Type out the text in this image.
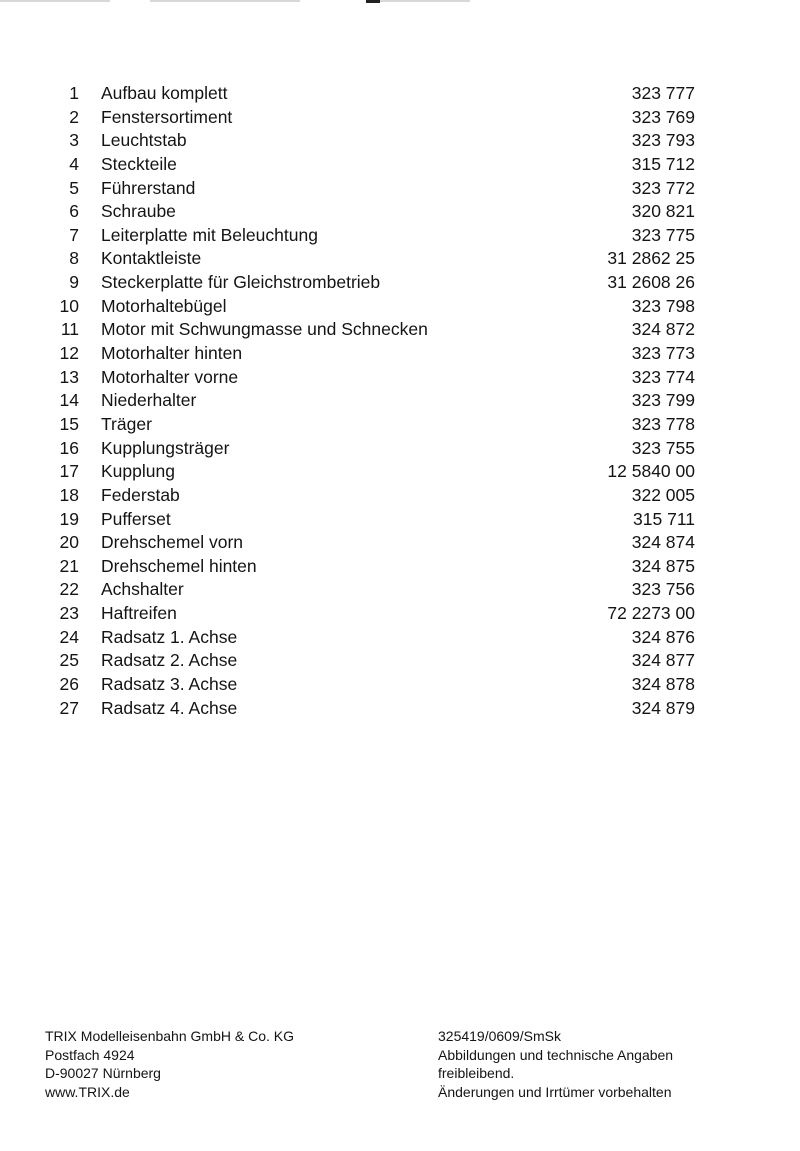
1 Aufbau komplett	323 777
2 Fenstersortiment	323 769
3 Leuchtstab	323 793
4 Steckteile	315 712
5 Führerstand	323 772
6 Schraube	320 821
7 Leiterplatte mit Beleuchtung	323 775
8 Kontaktleiste	31 2862 25
9 Steckerplatte für Gleichstrombetrieb	31 2608 26
10 Motorhaltebügel	323 798
11 Motor mit Schwungmasse und Schnecken	324 872
12 Motorhalter hinten	323 773
13 Motorhalter vorne	323 774
14 Niederhalter	323 799
15 Träger	323 778
16 Kupplungsträger	323 755
17 Kupplung	12 5840 00
18 Federstab	322 005
19 Pufferset	315 711
20 Drehschemel vorn	324 874
21 Drehschemel hinten	324 875
22 Achshalter	323 756
23 Haftreifen	72 2273 00
24 Radsatz 1. Achse	324 876
25 Radsatz 2. Achse	324 877
26 Radsatz 3. Achse	324 878
27 Radsatz 4. Achse	324 879
TRIX Modelleisenbahn GmbH & Co. KG
Postfach 4924
D-90027 Nürnberg
www.TRIX.de
325419/0609/SmSk
Abbildungen und technische Angaben
freibleibend.
Änderungen und Irrtümer vorbehalten
